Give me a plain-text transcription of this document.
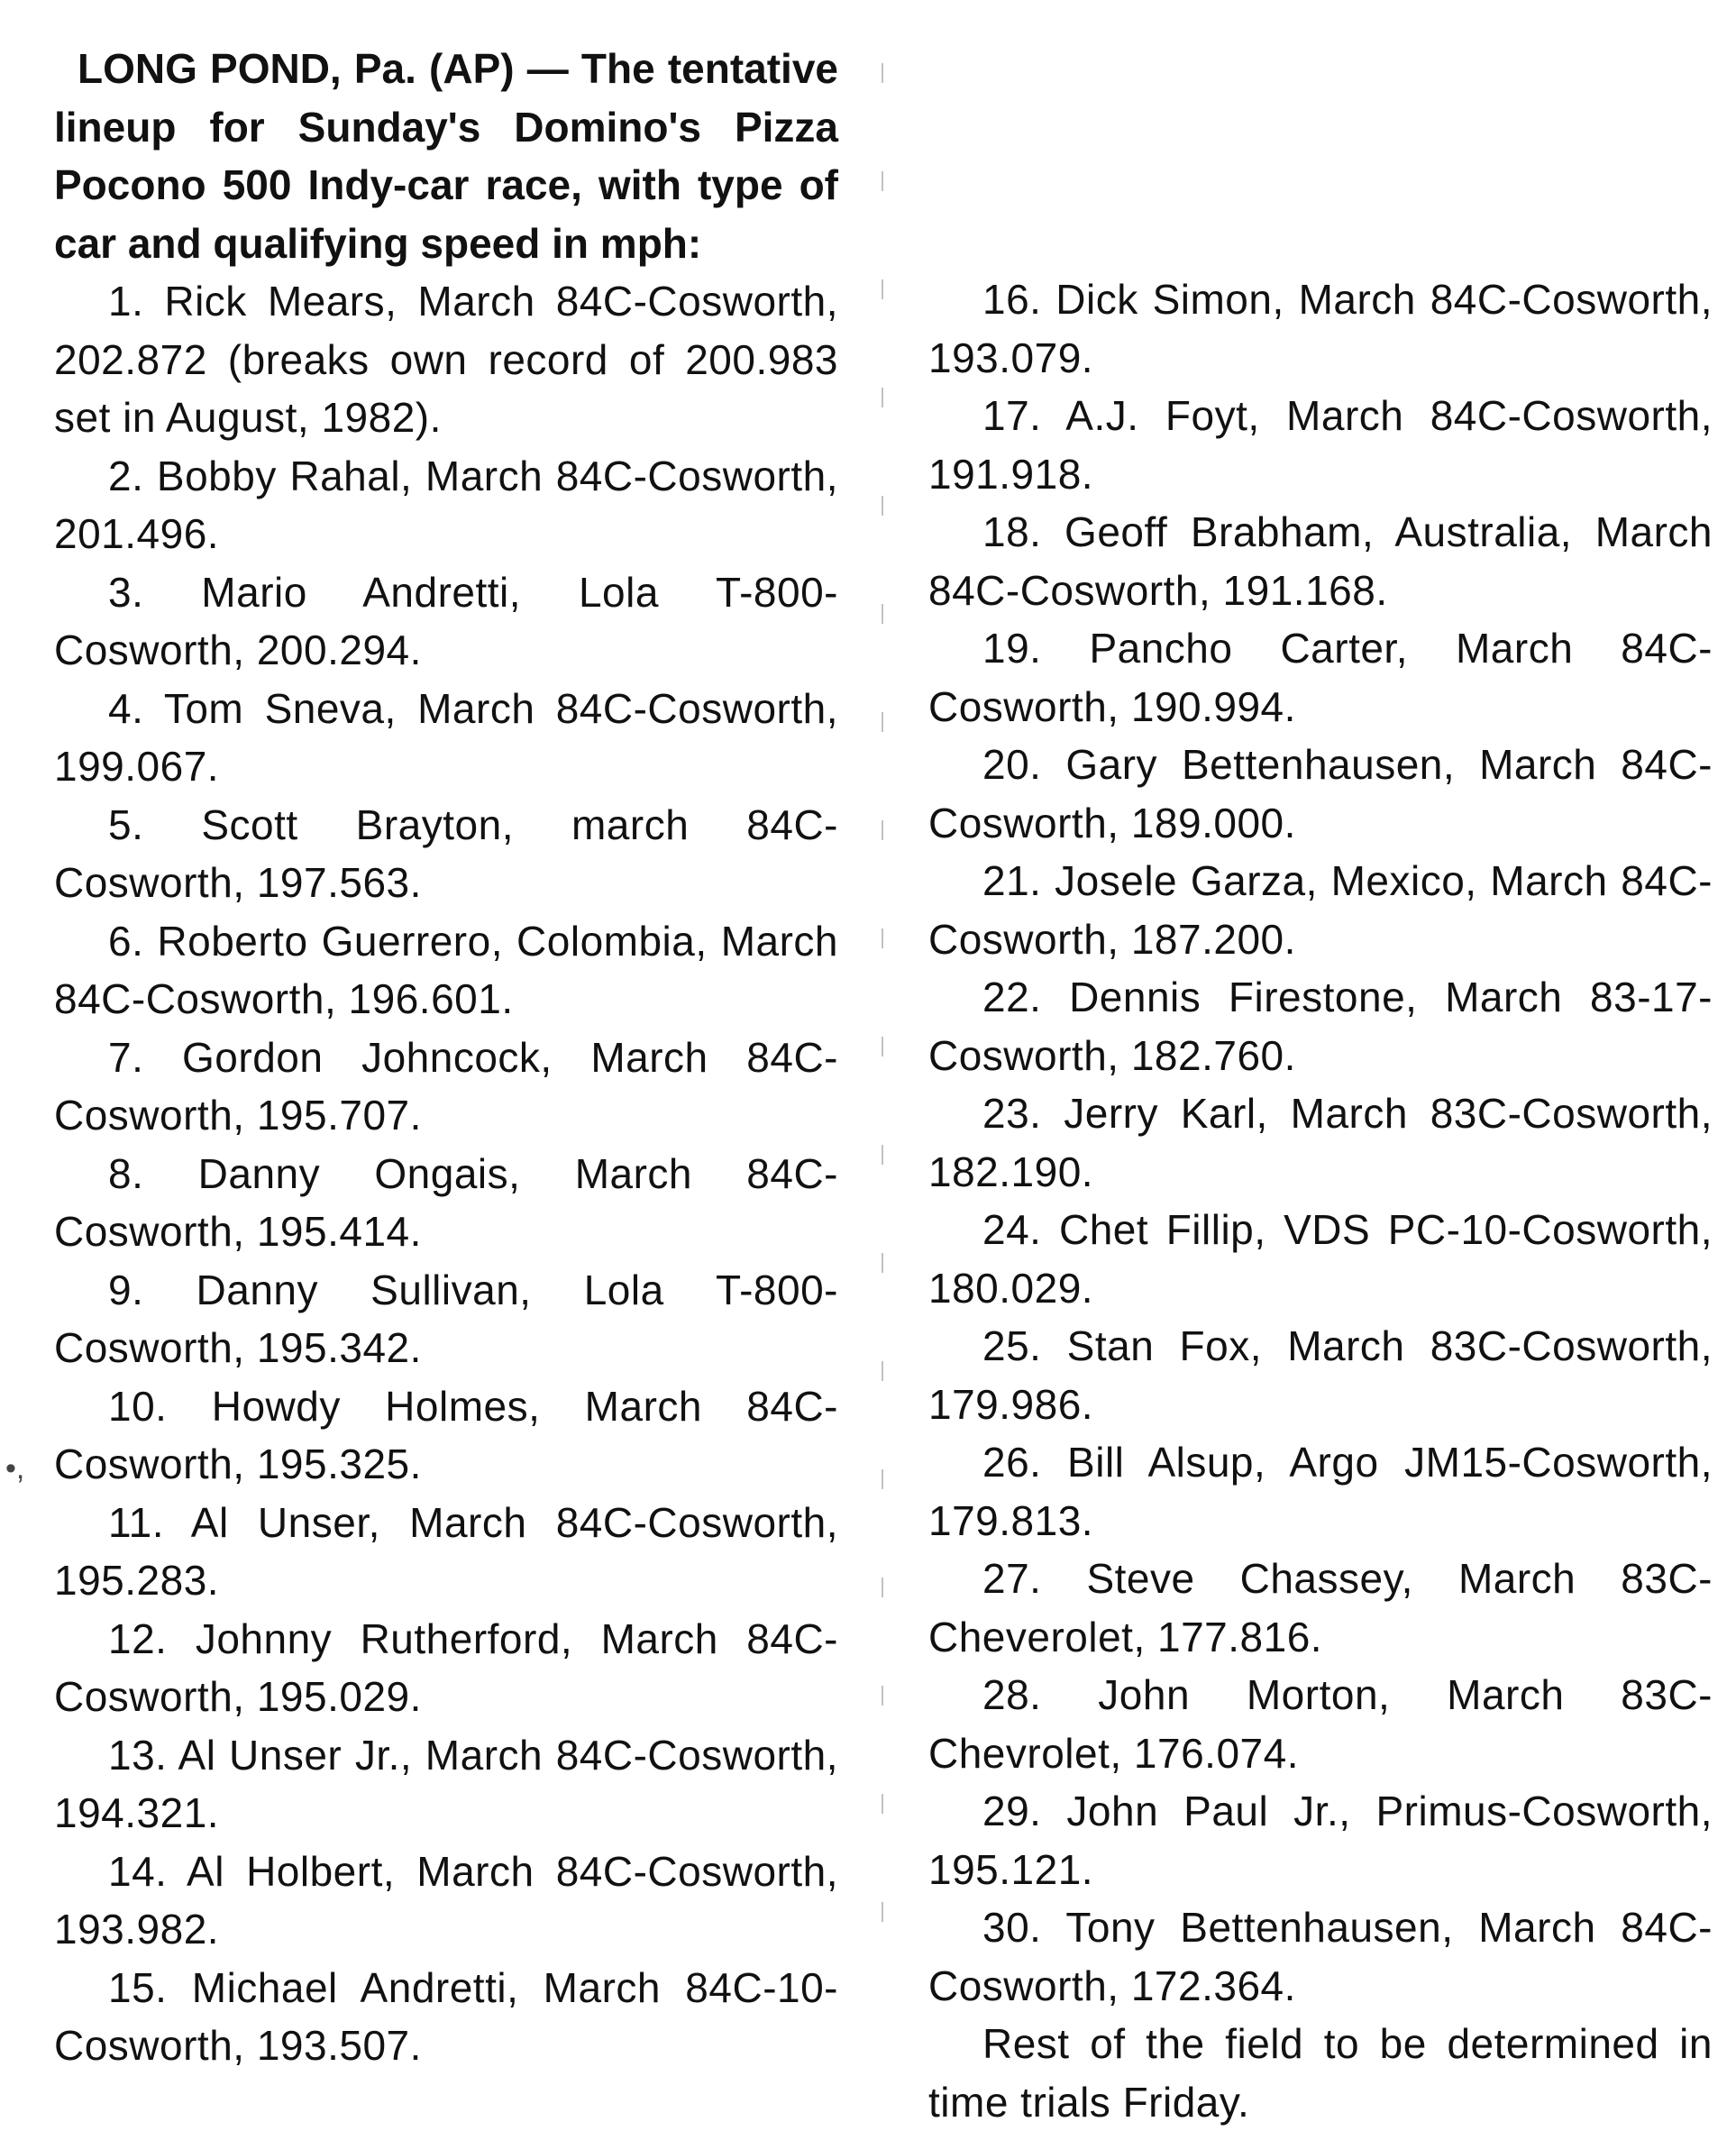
•,

LONG POND, Pa. (AP) — The tentative lineup for Sunday's Domino's Pizza Pocono 500 Indy-car race, with type of car and qualifying speed in mph:

1. Rick Mears, March 84C-Cosworth, 202.872 (breaks own record of 200.983 set in August, 1982).

2. Bobby Rahal, March 84C-Cosworth, 201.496.

3. Mario Andretti, Lola T-800-Cosworth, 200.294.

4. Tom Sneva, March 84C-Cosworth, 199.067.

5. Scott Brayton, march 84C-Cosworth, 197.563.

6. Roberto Guerrero, Colombia, March 84C-Cosworth, 196.601.

7. Gordon Johncock, March 84C-Cosworth, 195.707.

8. Danny Ongais, March 84C-Cosworth, 195.414.

9. Danny Sullivan, Lola T-800-Cosworth, 195.342.

10. Howdy Holmes, March 84C-Cosworth, 195.325.

11. Al Unser, March 84C-Cosworth, 195.283.

12. Johnny Rutherford, March 84C-Cosworth, 195.029.

13. Al Unser Jr., March 84C-Cosworth, 194.321.

14. Al Holbert, March 84C-Cosworth, 193.982.

15. Michael Andretti, March 84C-10-Cosworth, 193.507.

16. Dick Simon, March 84C-Cosworth, 193.079.

17. A.J. Foyt, March 84C-Cosworth, 191.918.

18. Geoff Brabham, Australia, March 84C-Cosworth, 191.168.

19. Pancho Carter, March 84C-Cosworth, 190.994.

20. Gary Bettenhausen, March 84C-Cosworth, 189.000.

21. Josele Garza, Mexico, March 84C-Cosworth, 187.200.

22. Dennis Firestone, March 83-17-Cosworth, 182.760.

23. Jerry Karl, March 83C-Cosworth, 182.190.

24. Chet Fillip, VDS PC-10-Cosworth, 180.029.

25. Stan Fox, March 83C-Cosworth, 179.986.

26. Bill Alsup, Argo JM15-Cosworth, 179.813.

27. Steve Chassey, March 83C-Cheverolet, 177.816.

28. John Morton, March 83C-Chevrolet, 176.074.

29. John Paul Jr., Primus-Cosworth, 195.121.

30. Tony Bettenhausen, March 84C-Cosworth, 172.364.

Rest of the field to be determined in time trials Friday.
